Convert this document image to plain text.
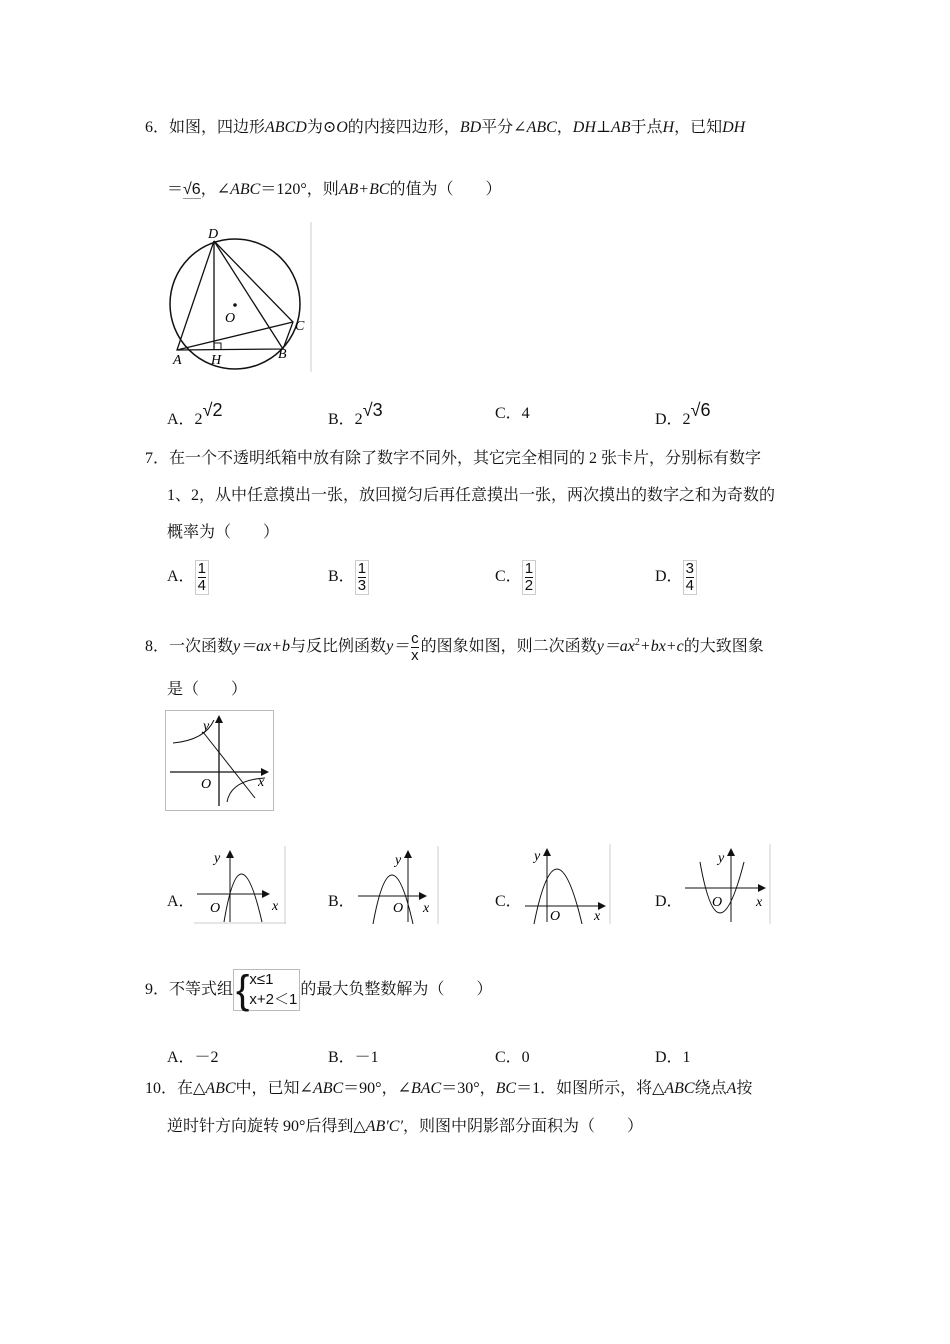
6．如图，四边形ABCD为⊙O的内接四边形，BD平分∠ABC，DH⊥AB于点H，已知DH
＝√6，∠ABC＝120°，则AB+BC的值为（　　）
D
O
C
A H	B
A．2√2	B．2√3	C．4	D．2√6
7．在一个不透明纸箱中放有除了数字不同外，其它完全相同的 2 张卡片，分别标有数字
1、2，从中任意摸出一张，放回搅匀后再任意摸出一张，两次摸出的数字之和为奇数的
概率为（　　）
A． $\frac{1}{4}$	B． $\frac{1}{3}$	C． $\frac{1}{2}$	D． $\frac{3}{4}$
8．一次函数y＝ax+b与反比例函数$y= \frac{c}{x}$ 的图象如图，则二次函数$y=ax^2+bx+c$的大致图象
是（　　）
y
O	x
A．
y
O	x	B．
y
O x	C．
y
O x
D．
y
O x
9．不等式组 { x≤1
x+2＜1
的最大负整数解为（　　）
A．－2	B．－1	C．0	D．1
10．在△ABC中，已知∠ABC＝90°，∠BAC＝30°，BC＝1．如图所示，将△ABC绕点A按
逆时针方向旋转 90°后得到△AB′C′，则图中阴影部分面积为（　　）
